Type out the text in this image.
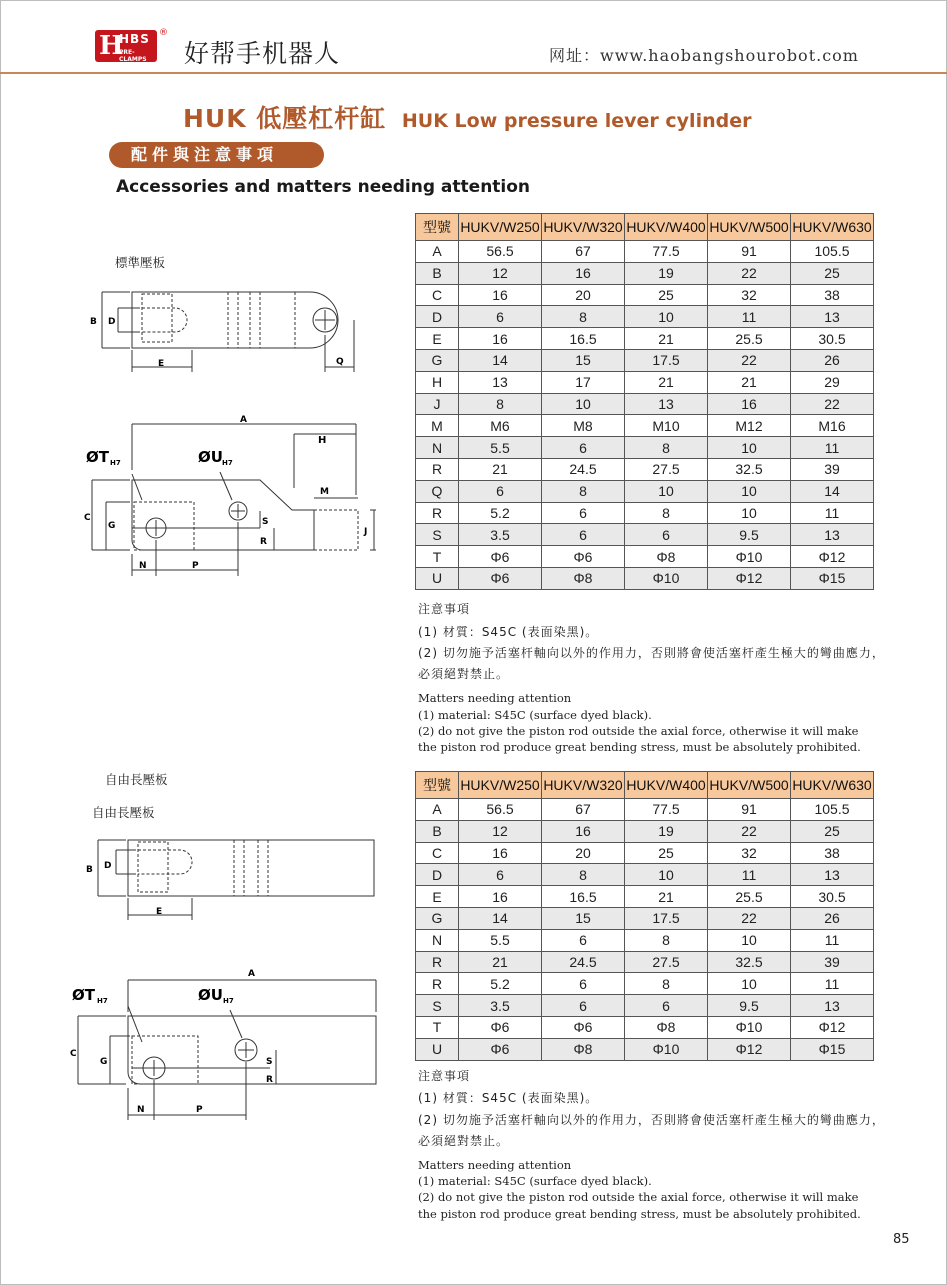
H
HBS
PRE-CLAMPS
®
好帮手机器人	网址：www.haobangshourobot.com
HUK 低壓杠杆缸 HUK Low pressure lever cylinder
配件與注意事項
Accessories and matters needing attention
標準壓板
自由長壓板
自由長壓板
B D
E	Q
A
H
M
C
G	S
R
J
N	P
ØT H7	ØU H7
B D
E
A
C
G	S
R
N	P
ØT H7	ØU H7
型號	HUKV/W250	HUKV/W320	HUKV/W400	HUKV/W500	HUKV/W630
A	56.5	67	77.5	91	105.5
B	12	16	19	22	25
C	16	20	25	32	38
D	6	8	10	11	13
E	16	16.5	21	25.5	30.5
G	14	15	17.5	22	26
H	13	17	21	21	29
J	8	10	13	16	22
M	M6	M8	M10	M12	M16
N	5.5	6	8	10	11
R	21	24.5	27.5	32.5	39
Q	6	8	10	10	14
R	5.2	6	8	10	11
S	3.5	6	6	9.5	13
T	Φ6	Φ6	Φ8	Φ10	Φ12
U	Φ6	Φ8	Φ10	Φ12	Φ15
注意事項
(1) 材質：S45C (表面染黑)。
(2) 切勿施予活塞杆軸向以外的作用力，否則將會使活塞杆產生極大的彎曲應力，
必須絕對禁止。
Matters needing attention
(1) material: S45C (surface dyed black).
(2) do not give the piston rod outside the axial force, otherwise it will make
the piston rod produce great bending stress, must be absolutely prohibited.
型號	HUKV/W250	HUKV/W320	HUKV/W400	HUKV/W500	HUKV/W630
A	56.5	67	77.5	91	105.5
B	12	16	19	22	25
C	16	20	25	32	38
D	6	8	10	11	13
E	16	16.5	21	25.5	30.5
G	14	15	17.5	22	26
N	5.5	6	8	10	11
R	21	24.5	27.5	32.5	39
R	5.2	6	8	10	11
S	3.5	6	6	9.5	13
T	Φ6	Φ6	Φ8	Φ10	Φ12
U	Φ6	Φ8	Φ10	Φ12	Φ15
注意事項
(1) 材質：S45C (表面染黑)。
(2) 切勿施予活塞杆軸向以外的作用力，否則將會使活塞杆產生極大的彎曲應力，
必須絕對禁止。
Matters needing attention
(1) material: S45C (surface dyed black).
(2) do not give the piston rod outside the axial force, otherwise it will make
the piston rod produce great bending stress, must be absolutely prohibited.
85
